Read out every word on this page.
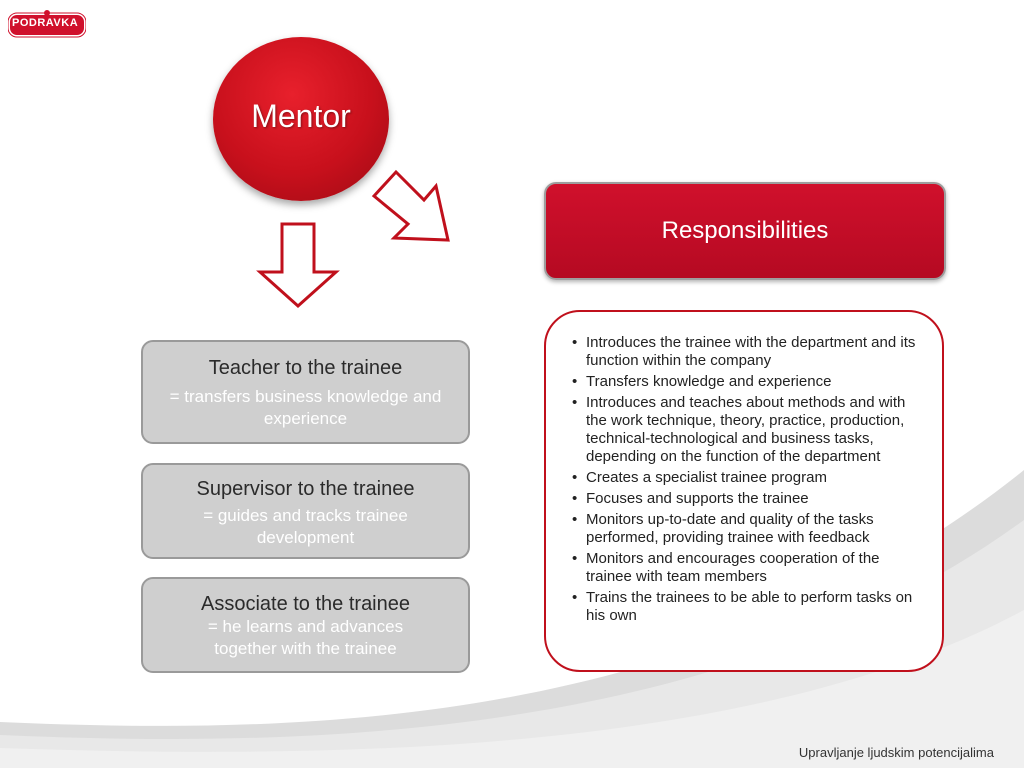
PODRAVKA
Mentor
Responsibilities
Teacher to the trainee
= transfers business knowledge and experience
Supervisor to the trainee
= guides and tracks trainee development
Associate to the trainee
= he learns and advances together with the trainee
• Introduces the trainee with the department and its function within the company
• Transfers knowledge and experience
• Introduces and teaches about methods and with the work technique, theory, practice, production, technical-technological and business tasks, depending on the function of the department
• Creates a specialist trainee program
• Focuses and supports the trainee
• Monitors up-to-date and quality of the tasks performed, providing trainee with feedback
• Monitors and encourages cooperation of the trainee with team members
• Trains the trainees to be able to perform tasks on his own
Upravljanje ljudskim potencijalima
